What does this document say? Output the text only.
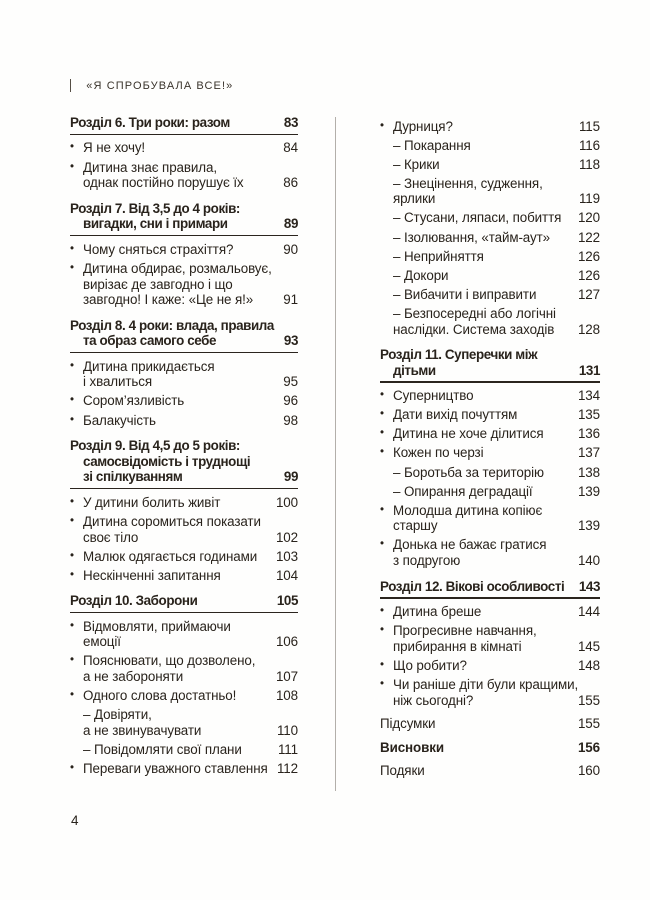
«Я СПРОБУВАЛА ВСЕ!»
Розділ 6. Три роки: разом	83
• Я не хочу!	84
• Дитина знає правила,
однак постійно порушує їх	86
Розділ 7. Від 3,5 до 4 років:
вигадки, сни і примари	89
• Чому сняться страхіття?	90
• Дитина обдирає, розмальовує,
вирізає де завгодно і що
завгодно! І каже: «Це не я!»	91
Розділ 8. 4 роки: влада, правила
та образ самого себе	93
• Дитина прикидається
і хвалиться	95
• Сором’язливість	96
• Балакучість	98
Розділ 9. Від 4,5 до 5 років:
самосвідомість і труднощі
зі спілкуванням	99
• У дитини болить живіт	100
• Дитина соромиться показати
своє тіло	102
• Малюк одягається годинами	103
• Нескінченні запитання	104
Розділ 10. Заборони	105
• Відмовляти, приймаючи
емоції	106
• Пояснювати, що дозволено,
а не забороняти	107
• Одного слова достатньо!	108
– Довіряти,
а не звинувачувати	110
– Повідомляти свої плани	111
• Переваги уважного ставлення 112
• Дурниця?	115
– Покарання	116
– Крики	118
– Знецінення, судження,
ярлики	119
– Стусани, ляпаси, побиття	120
– Ізолювання, «тайм-аут»	122
– Неприйняття	126
– Докори	126
– Вибачити і виправити	127
– Безпосередні або логічні
наслідки. Система заходів	128
Розділ 11. Суперечки між
дітьми	131
• Суперництво	134
• Дати вихід почуттям	135
• Дитина не хоче ділитися	136
• Кожен по черзі	137
– Боротьба за територію	138
– Опирання деградації	139
• Молодша дитина копіює
старшу	139
• Донька не бажає гратися
з подругою	140
Розділ 12. Вікові особливості	143
• Дитина бреше	144
• Прогресивне навчання,
прибирання в кімнаті	145
• Що робити?	148
• Чи раніше діти були кращими,
ніж сьогодні?	155
Підсумки	155
Висновки	156
Подяки	160
4
